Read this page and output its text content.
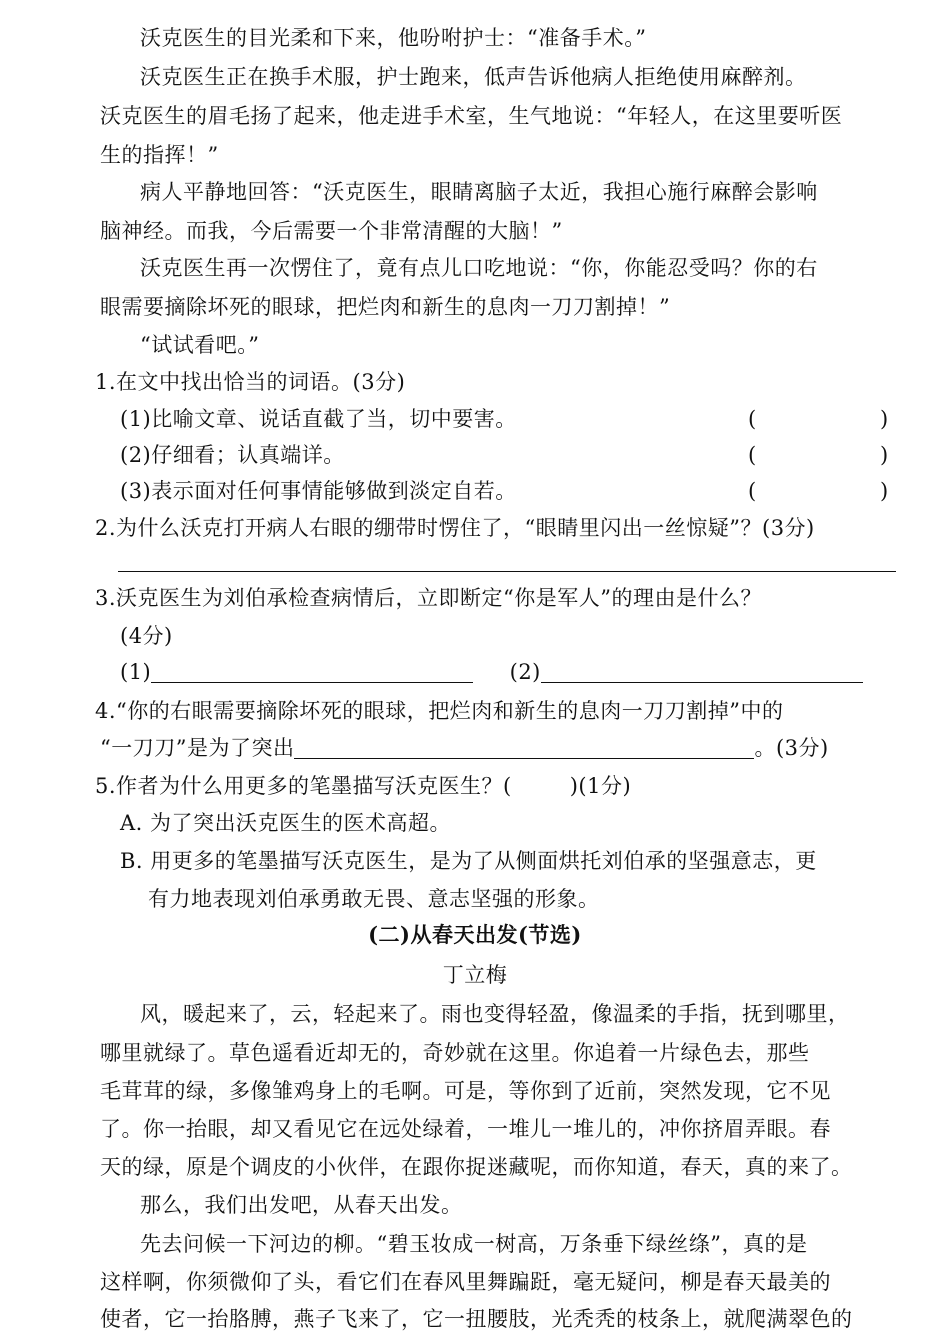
沃克医生的目光柔和下来，他吩咐护士：“准备手术。”
沃克医生正在换手术服，护士跑来，低声告诉他病人拒绝使用麻醉剂。
沃克医生的眉毛扬了起来，他走进手术室，生气地说：“年轻人，在这里要听医
生的指挥！”
病人平静地回答：“沃克医生，眼睛离脑子太近，我担心施行麻醉会影响
脑神经。而我，今后需要一个非常清醒的大脑！”
沃克医生再一次愣住了，竟有点儿口吃地说：“你，你能忍受吗？你的右
眼需要摘除坏死的眼球，把烂肉和新生的息肉一刀刀割掉！”
“试试看吧。”
1.在文中找出恰当的词语。(3分)
(1)比喻文章、说话直截了当，切中要害。	(	)
(2)仔细看；认真端详。	(	)
(3)表示面对任何事情能够做到淡定自若。	(	)
2.为什么沃克打开病人右眼的绷带时愣住了，“眼睛里闪出一丝惊疑”？(3分)
3.沃克医生为刘伯承检查病情后，立即断定“你是军人”的理由是什么？
(4分)
(1)	(2)
4.“你的右眼需要摘除坏死的眼球，把烂肉和新生的息肉一刀刀割掉”中的
“一刀刀”是为了突出	。(3分)
5.作者为什么用更多的笔墨描写沃克医生？(	)(1分)
A. 为了突出沃克医生的医术高超。
B. 用更多的笔墨描写沃克医生，是为了从侧面烘托刘伯承的坚强意志，更
有力地表现刘伯承勇敢无畏、意志坚强的形象。
(二)从春天出发(节选)
丁立梅
风，暖起来了，云，轻起来了。雨也变得轻盈，像温柔的手指，抚到哪里，
哪里就绿了。草色遥看近却无的，奇妙就在这里。你追着一片绿色去，那些
毛茸茸的绿，多像雏鸡身上的毛啊。可是，等你到了近前，突然发现，它不见
了。你一抬眼，却又看见它在远处绿着，一堆儿一堆儿的，冲你挤眉弄眼。春
天的绿，原是个调皮的小伙伴，在跟你捉迷藏呢，而你知道，春天，真的来了。
那么，我们出发吧，从春天出发。
先去问候一下河边的柳。“碧玉妆成一树高，万条垂下绿丝绦”，真的是
这样啊，你须微仰了头，看它们在春风里舞蹁跹，毫无疑问，柳是春天最美的
使者，它一抬胳膊，燕子飞来了，它一扭腰肢，光秃秃的枝条上，就爬满翠色的
